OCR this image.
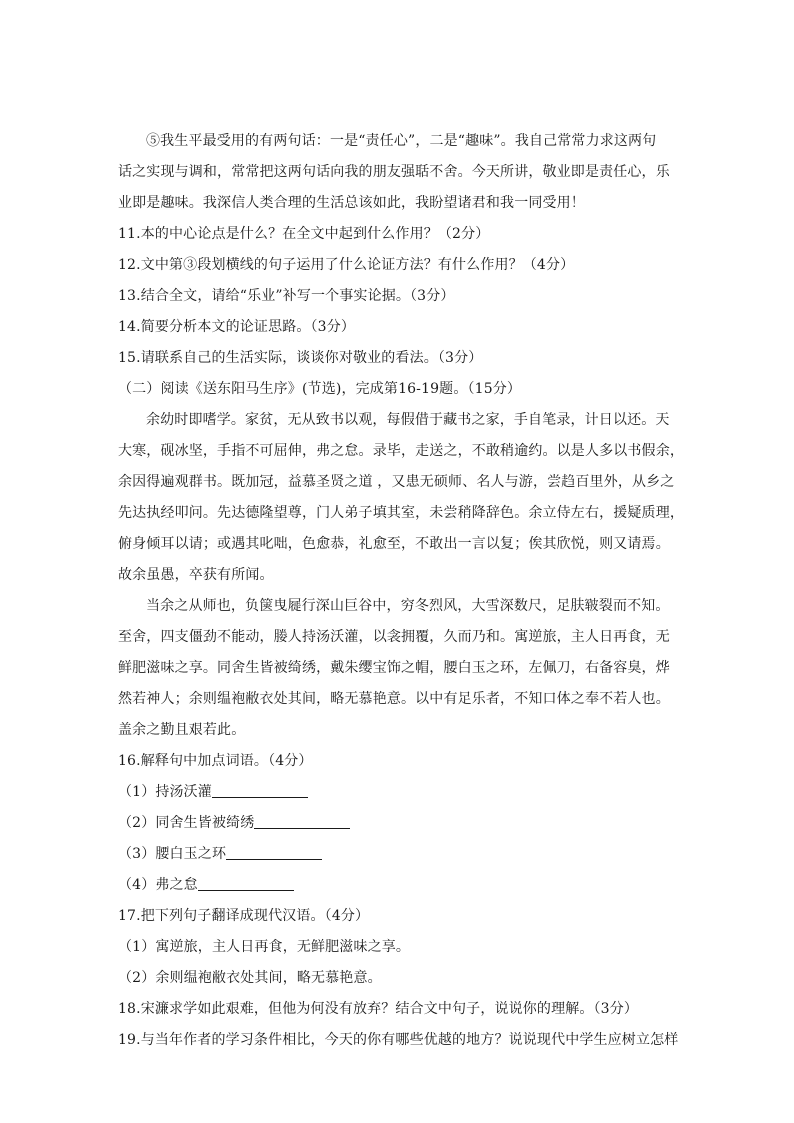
⑤我生平最受用的有两句话：一是“责任心”，二是“趣味”。我自己常常力求这两句
话之实现与调和，常常把这两句话向我的朋友强聒不舍。今天所讲，敬业即是责任心，乐
业即是趣味。我深信人类合理的生活总该如此，我盼望诸君和我一同受用！
11.本的中心论点是什么？在全文中起到什么作用？（2分）
12.文中第③段划横线的句子运用了什么论证方法？有什么作用？（4分）
13.结合全文，请给“乐业”补写一个事实论据。（3分）
14.简要分析本文的论证思路。（3分）
15.请联系自己的生活实际，谈谈你对敬业的看法。（3分）
（二）阅读《送东阳马生序》(节选)，完成第16-19题。（15分）
余幼时即嗜学。家贫，无从致书以观，每假借于藏书之家，手自笔录，计日以还。天
大寒，砚冰坚，手指不可屈伸，弗之怠。录毕，走送之，不敢稍逾约。以是人多以书假余，
余因得遍观群书。既加冠，益慕圣贤之道 ，又患无硕师、名人与游，尝趋百里外，从乡之
先达执经叩问。先达德隆望尊，门人弟子填其室，未尝稍降辞色。余立侍左右，援疑质理，
俯身倾耳以请；或遇其叱咄，色愈恭，礼愈至，不敢出一言以复；俟其欣悦，则又请焉。
故余虽愚，卒获有所闻。
当余之从师也，负箧曳屣行深山巨谷中，穷冬烈风，大雪深数尺，足肤皲裂而不知。
至舍，四支僵劲不能动，媵人持汤沃灌，以衾拥覆，久而乃和。寓逆旅，主人日再食，无
鲜肥滋味之享。同舍生皆被绮绣，戴朱缨宝饰之帽，腰白玉之环，左佩刀，右备容臭，烨
然若神人；余则缊袍敝衣处其间，略无慕艳意。以中有足乐者，不知口体之奉不若人也。
盖余之勤且艰若此。
16.解释句中加点词语。（4分）
（1）持汤沃灌
（2）同舍生皆被绮绣
（3）腰白玉之环
（4）弗之怠
17.把下列句子翻译成现代汉语。（4分）
（1）寓逆旅，主人日再食，无鲜肥滋味之享。
（2）余则缊袍敝衣处其间，略无慕艳意。
18.宋濂求学如此艰难，但他为何没有放弃？结合文中句子，说说你的理解。（3分）
19.与当年作者的学习条件相比，今天的你有哪些优越的地方？说说现代中学生应树立怎样
